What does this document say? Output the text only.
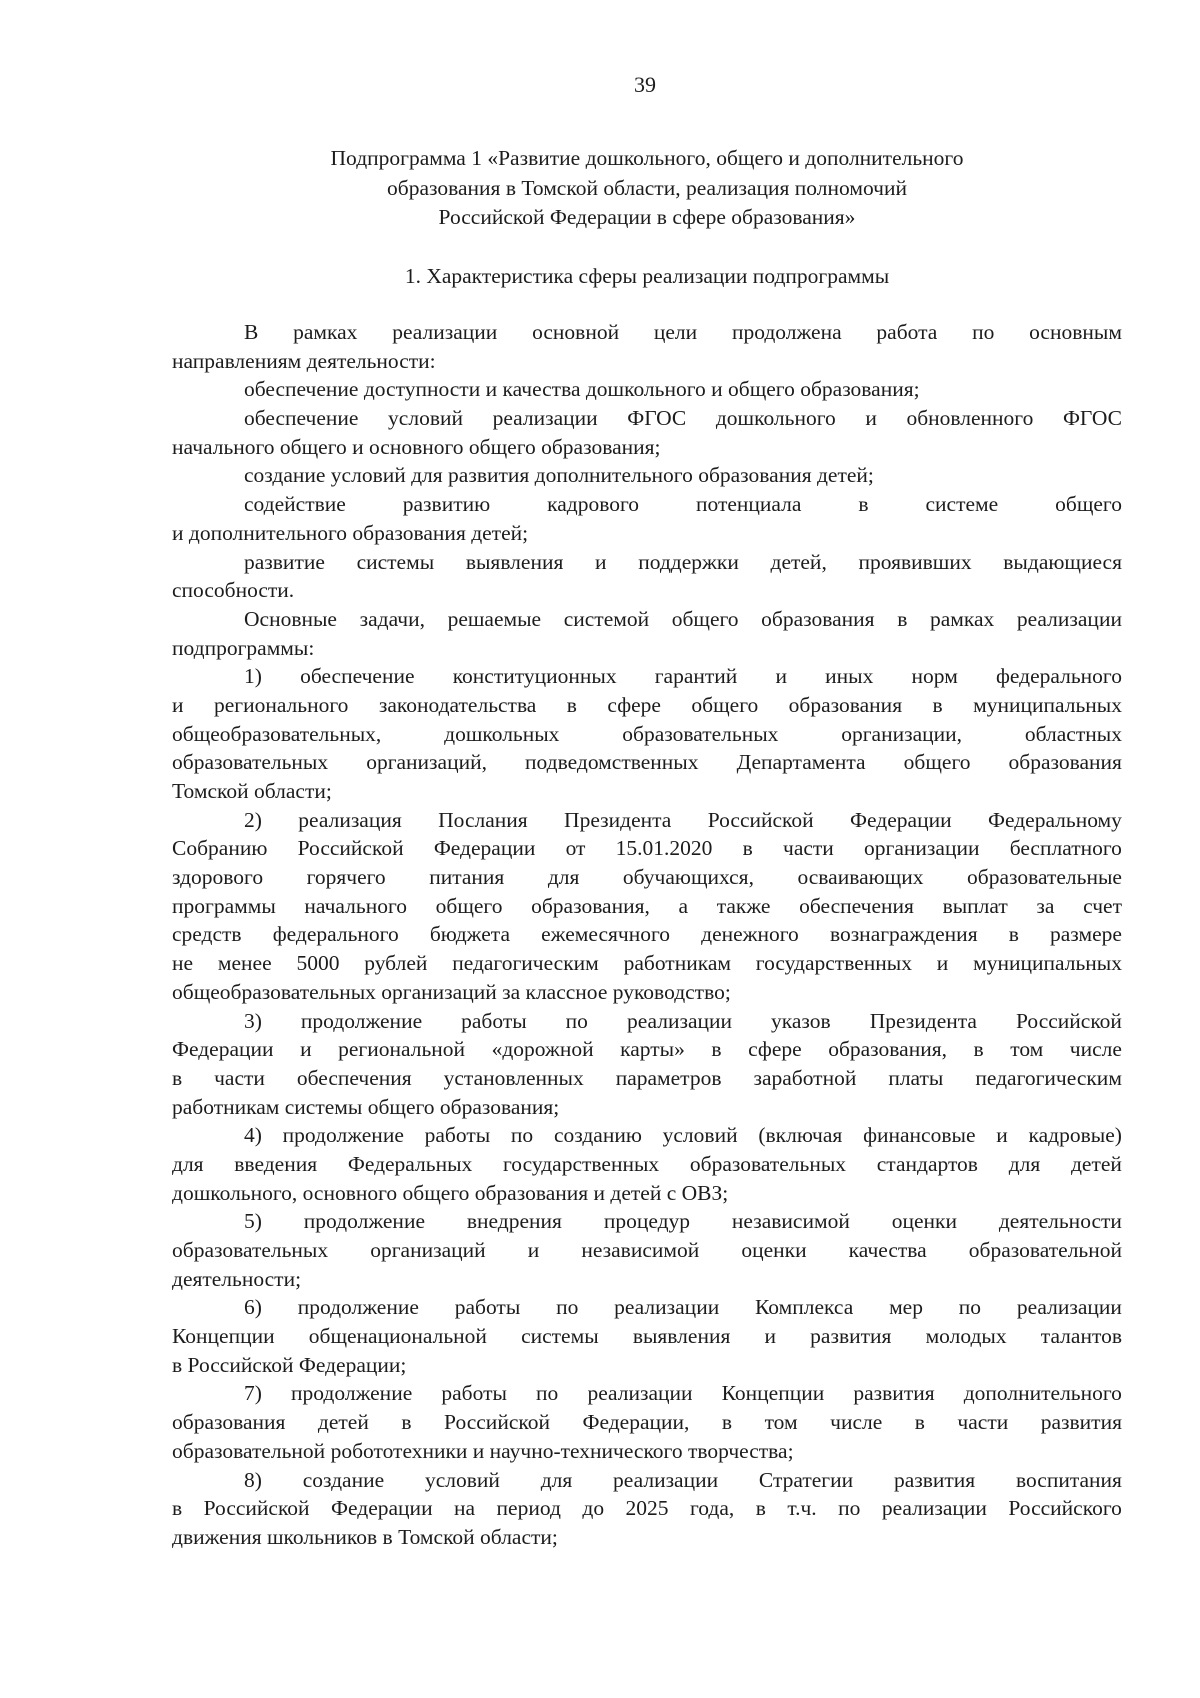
39
Подпрограмма 1 «Развитие дошкольного, общего и дополнительного
образования в Томской области, реализация полномочий
Российской Федерации в сфере образования»
1. Характеристика сферы реализации подпрограммы
В рамках реализации основной цели продолжена работа по основным
направлениям деятельности:
обеспечение доступности и качества дошкольного и общего образования;
обеспечение условий реализации ФГОС дошкольного и обновленного ФГОС
начального общего и основного общего образования;
создание условий для развития дополнительного образования детей;
содействие	развитию	кадрового	потенциала	в	системе	общего
и дополнительного образования детей;
развитие системы выявления и поддержки детей, проявивших выдающиеся
способности.
Основные задачи, решаемые системой общего образования в рамках реализации
подпрограммы:
1) обеспечение конституционных гарантий и иных норм федерального
и регионального законодательства в сфере общего образования в муниципальных
общеобразовательных,	дошкольных	образовательных	организации,	областных
образовательных организаций, подведомственных Департамента общего образования
Томской области;
2) реализация Послания Президента Российской Федерации Федеральному
Собранию Российской Федерации от 15.01.2020 в части организации бесплатного
здорового горячего питания для обучающихся, осваивающих образовательные
программы начального общего образования, а также обеспечения выплат за счет
средств федерального бюджета ежемесячного денежного вознаграждения в размере
не менее 5000 рублей педагогическим работникам государственных и муниципальных
общеобразовательных организаций за классное руководство;
3) продолжение работы по реализации указов Президента Российской
Федерации и региональной «дорожной карты» в сфере образования, в том числе
в части обеспечения установленных параметров заработной платы педагогическим
работникам системы общего образования;
4) продолжение работы по созданию условий (включая финансовые и кадровые)
для введения Федеральных государственных образовательных стандартов для детей
дошкольного, основного общего образования и детей с ОВЗ;
5) продолжение внедрения процедур независимой оценки деятельности
образовательных организаций и независимой оценки качества образовательной
деятельности;
6) продолжение работы по реализации Комплекса мер по реализации
Концепции общенациональной системы выявления и развития молодых талантов
в Российской Федерации;
7) продолжение работы по реализации Концепции развития дополнительного
образования детей в Российской Федерации, в том числе в части развития
образовательной робототехники и научно-технического творчества;
8) создание условий для реализации Стратегии развития воспитания
в Российской Федерации на период до 2025 года, в т.ч. по реализации Российского
движения школьников в Томской области;
